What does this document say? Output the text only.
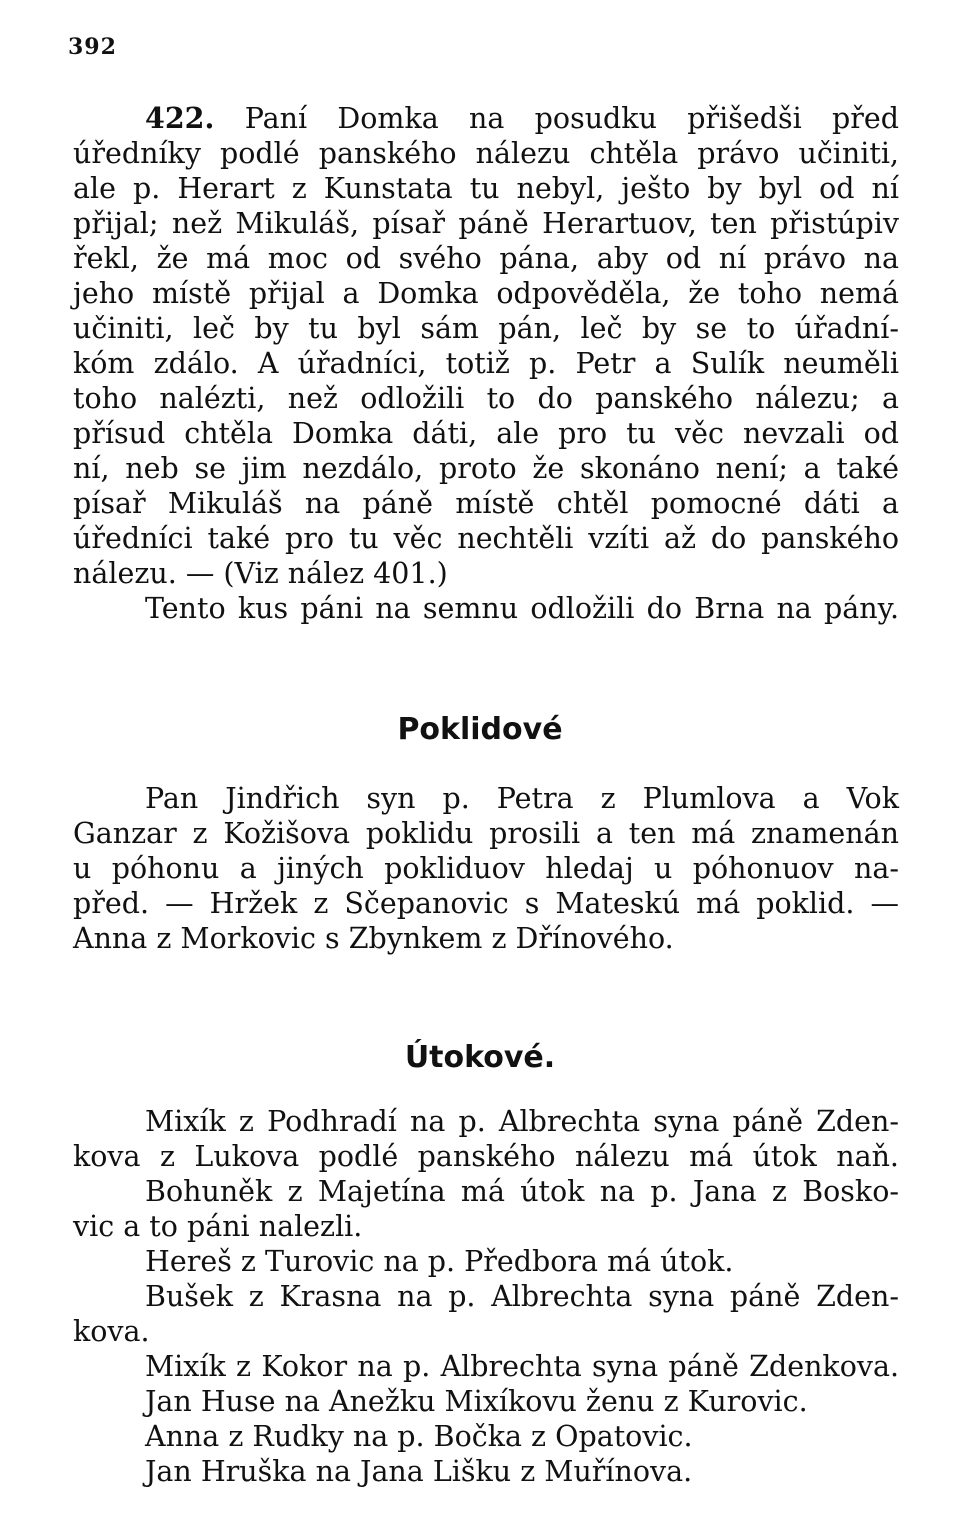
392
422. Paní Domka na posudku přišedši před
úředníky podlé panského nálezu chtěla právo učiniti,
ale p. Herart z Kunstata tu nebyl, ješto by byl od ní
přijal; než Mikuláš, písař páně Herartuov, ten přistúpiv
řekl, že má moc od svého pána, aby od ní právo na
jeho místě přijal a Domka odpověděla, že toho nemá
učiniti, leč by tu byl sám pán, leč by se to úřadní-
kóm zdálo. A úřadníci, totiž p. Petr a Sulík neuměli
toho nalézti, než odložili to do panského nálezu; a
přísud chtěla Domka dáti, ale pro tu věc nevzali od
ní, neb se jim nezdálo, proto že skonáno není; a také
písař Mikuláš na páně místě chtěl pomocné dáti a
úředníci také pro tu věc nechtěli vzíti až do panského
nálezu. — (Viz nález 401.)
Tento kus páni na semnu odložili do Brna na pány.
Poklidové
Pan Jindřich syn p. Petra z Plumlova a Vok
Ganzar z Kožišova poklidu prosili a ten má znamenán
u póhonu a jiných pokliduov hledaj u póhonuov na-
před. — Hržek z Sčepanovic s Mateskú má poklid. —
Anna z Morkovic s Zbynkem z Dřínového.
Útokové.
Mixík z Podhradí na p. Albrechta syna páně Zden-
kova z Lukova podlé panského nálezu má útok naň.
Bohuněk z Majetína má útok na p. Jana z Bosko-
vic a to páni nalezli.
Hereš z Turovic na p. Předbora má útok.
Bušek z Krasna na p. Albrechta syna páně Zden-
kova.
Mixík z Kokor na p. Albrechta syna páně Zdenkova.
Jan Huse na Anežku Mixíkovu ženu z Kurovic.
Anna z Rudky na p. Bočka z Opatovic.
Jan Hruška na Jana Lišku z Muřínova.
